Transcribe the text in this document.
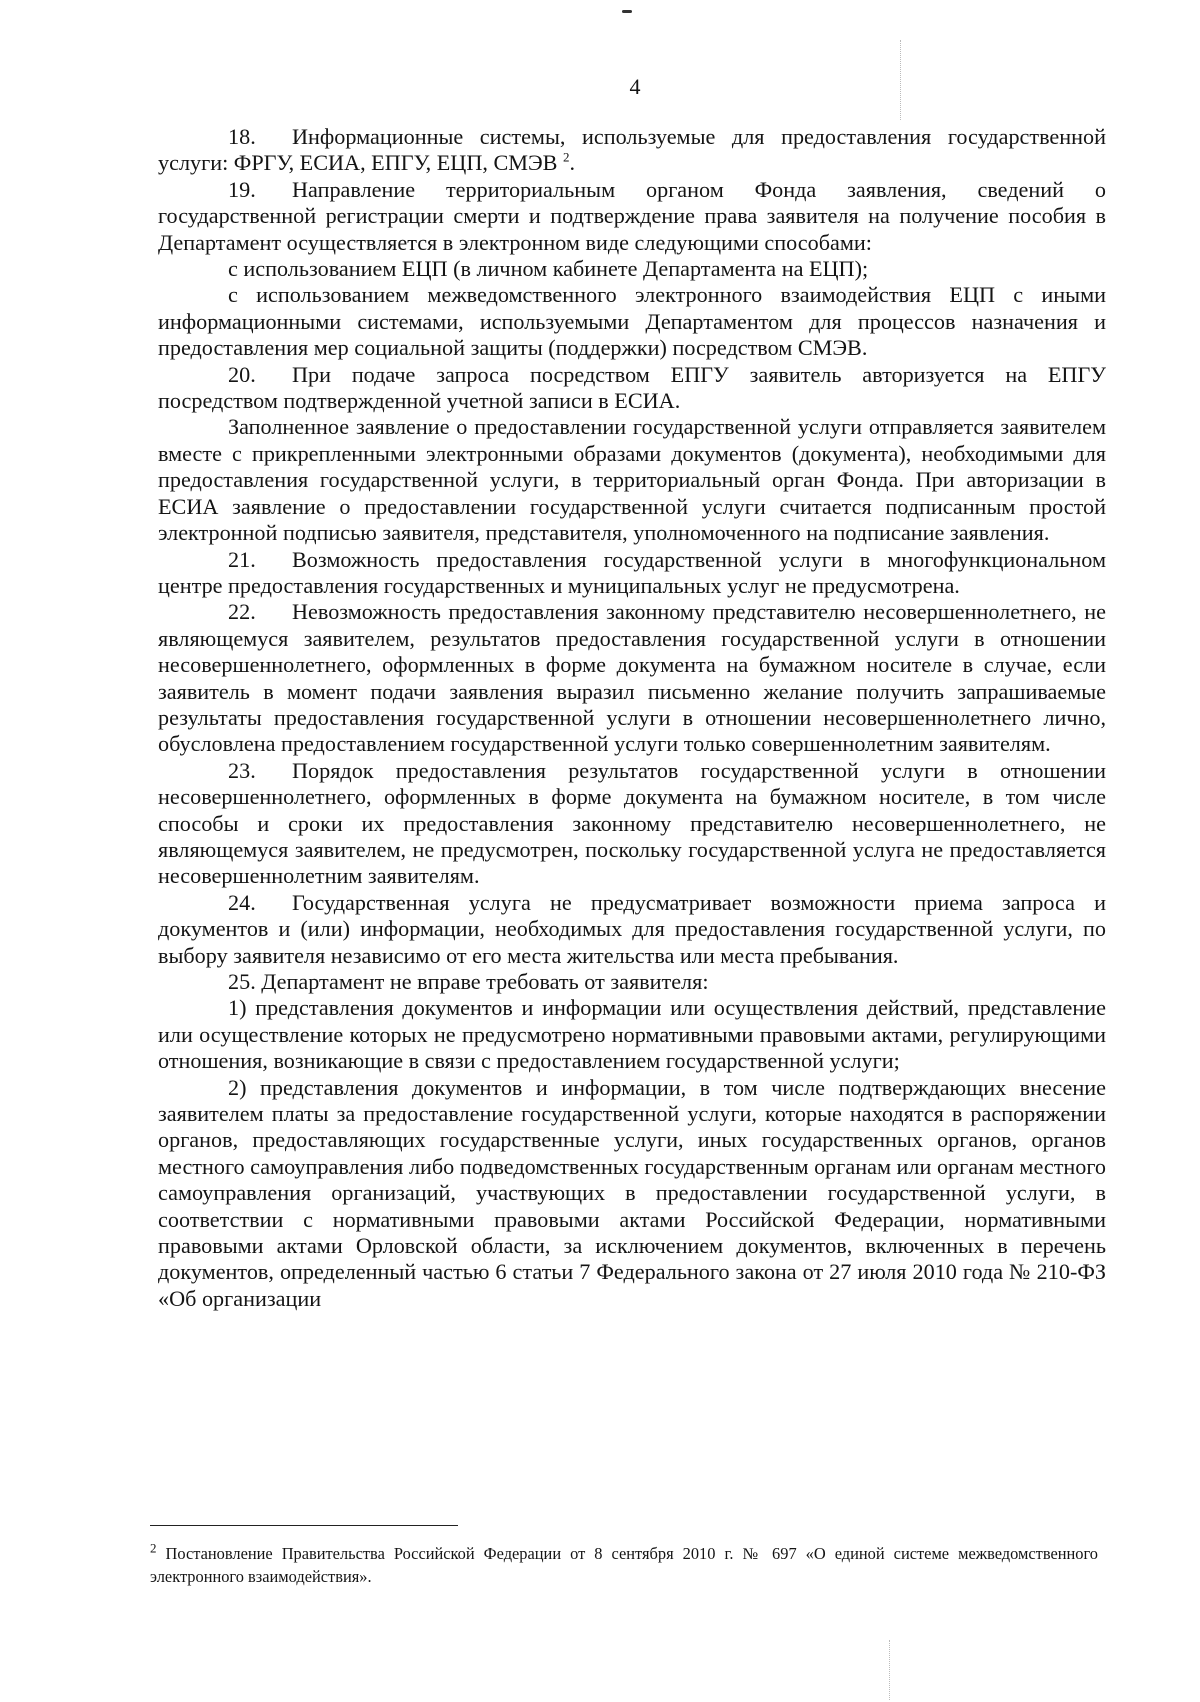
4

18. Информационные системы, используемые для предоставления государственной услуги: ФРГУ, ЕСИА, ЕПГУ, ЕЦП, СМЭВ $^2$.

19. Направление территориальным органом Фонда заявления, сведений о государственной регистрации смерти и подтверждение права заявителя на получение пособия в Департамент осуществляется в электронном виде следующими способами:

с использованием ЕЦП (в личном кабинете Департамента на ЕЦП);

с использованием межведомственного электронного взаимодействия ЕЦП с иными информационными системами, используемыми Департаментом для процессов назначения и предоставления мер социальной защиты (поддержки) посредством СМЭВ.

20. При подаче запроса посредством ЕПГУ заявитель авторизуется на ЕПГУ посредством подтвержденной учетной записи в ЕСИА.

Заполненное заявление о предоставлении государственной услуги отправляется заявителем вместе с прикрепленными электронными образами документов (документа), необходимыми для предоставления государственной услуги, в территориальный орган Фонда. При авторизации в ЕСИА заявление о предоставлении государственной услуги считается подписанным простой электронной подписью заявителя, представителя, уполномоченного на подписание заявления.

21. Возможность предоставления государственной услуги в многофункциональном центре предоставления государственных и муниципальных услуг не предусмотрена.

22. Невозможность предоставления законному представителю несовершеннолетнего, не являющемуся заявителем, результатов предоставления государственной услуги в отношении несовершеннолетнего, оформленных в форме документа на бумажном носителе в случае, если заявитель в момент подачи заявления выразил письменно желание получить запрашиваемые результаты предоставления государственной услуги в отношении несовершеннолетнего лично, обусловлена предоставлением государственной услуги только совершеннолетним заявителям.

23. Порядок предоставления результатов государственной услуги в отношении несовершеннолетнего, оформленных в форме документа на бумажном носителе, в том числе способы и сроки их предоставления законному представителю несовершеннолетнего, не являющемуся заявителем, не предусмотрен, поскольку государственной услуга не предоставляется несовершеннолетним заявителям.

24. Государственная услуга не предусматривает возможности приема запроса и документов и (или) информации, необходимых для предоставления государственной услуги, по выбору заявителя независимо от его места жительства или места пребывания.

25. Департамент не вправе требовать от заявителя:

1) представления документов и информации или осуществления действий, представление или осуществление которых не предусмотрено нормативными правовыми актами, регулирующими отношения, возникающие в связи с предоставлением государственной услуги;

2) представления документов и информации, в том числе подтверждающих внесение заявителем платы за предоставление государственной услуги, которые находятся в распоряжении органов, предоставляющих государственные услуги, иных государственных органов, органов местного самоуправления либо подведомственных государственным органам или органам местного самоуправления организаций, участвующих в предоставлении государственной услуги, в соответствии с нормативными правовыми актами Российской Федерации, нормативными правовыми актами Орловской области, за исключением документов, включенных в перечень документов, определенный частью 6 статьи 7 Федерального закона от 27 июля 2010 года № 210-ФЗ «Об организации

$^2$ Постановление Правительства Российской Федерации от 8 сентября 2010 г. № 697 «О единой системе межведомственного электронного взаимодействия».
